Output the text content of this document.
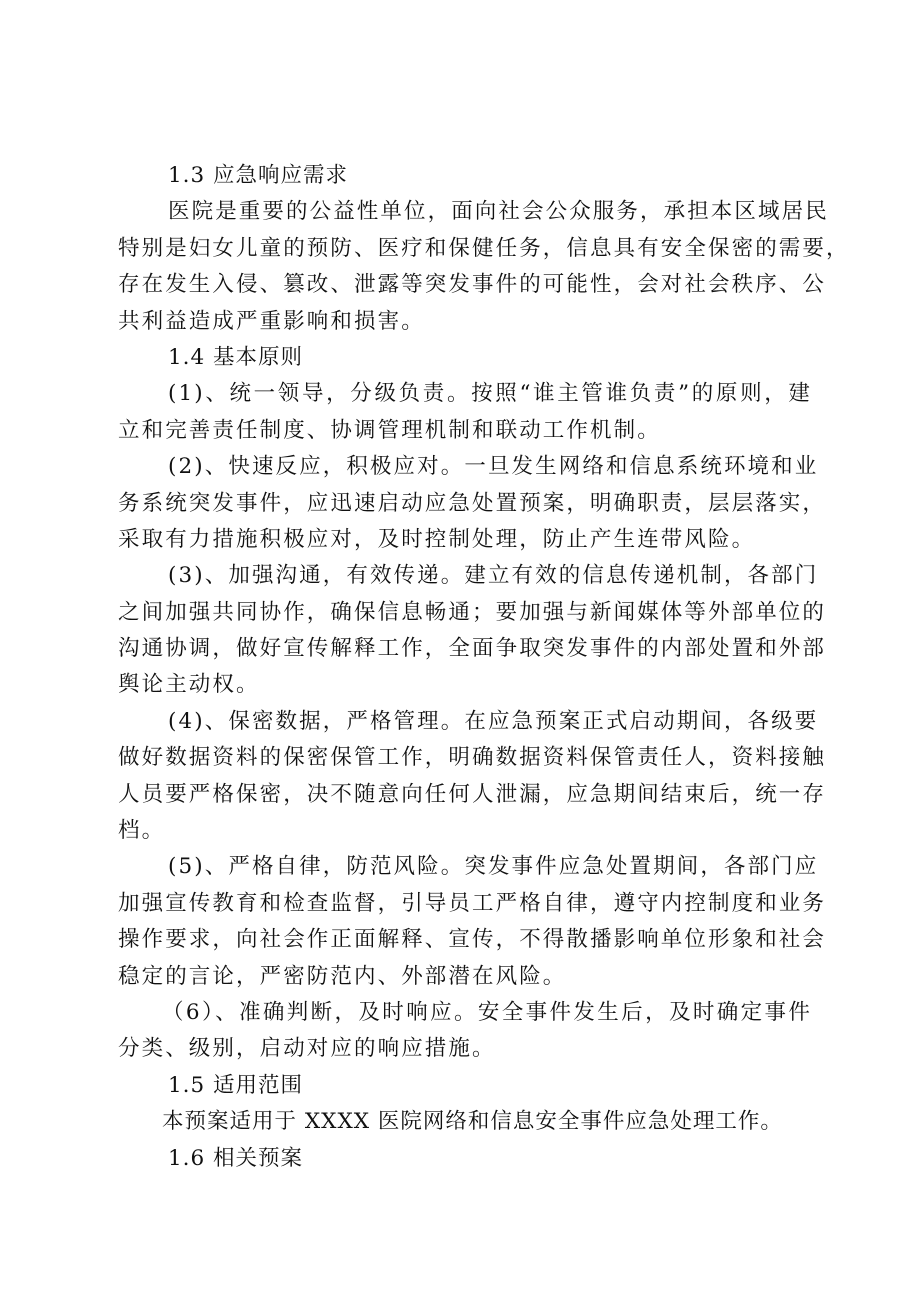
1.3 应急响应需求
医院是重要的公益性单位，面向社会公众服务，承担本区域居民
特别是妇女儿童的预防、医疗和保健任务，信息具有安全保密的需要，
存在发生入侵、篡改、泄露等突发事件的可能性，会对社会秩序、公
共利益造成严重影响和损害。
1.4 基本原则
(1)、统一领导，分级负责。按照“谁主管谁负责”的原则，建
立和完善责任制度、协调管理机制和联动工作机制。
(2)、快速反应，积极应对。一旦发生网络和信息系统环境和业
务系统突发事件，应迅速启动应急处置预案，明确职责，层层落实，
采取有力措施积极应对，及时控制处理，防止产生连带风险。
(3)、加强沟通，有效传递。建立有效的信息传递机制，各部门
之间加强共同协作，确保信息畅通；要加强与新闻媒体等外部单位的
沟通协调，做好宣传解释工作，全面争取突发事件的内部处置和外部
舆论主动权。
(4)、保密数据，严格管理。在应急预案正式启动期间，各级要
做好数据资料的保密保管工作，明确数据资料保管责任人，资料接触
人员要严格保密，决不随意向任何人泄漏，应急期间结束后，统一存
档。
(5)、严格自律，防范风险。突发事件应急处置期间，各部门应
加强宣传教育和检查监督，引导员工严格自律，遵守内控制度和业务
操作要求，向社会作正面解释、宣传，不得散播影响单位形象和社会
稳定的言论，严密防范内、外部潜在风险。
（6）、准确判断，及时响应。安全事件发生后，及时确定事件
分类、级别，启动对应的响应措施。
1.5 适用范围
本预案适用于 XXXX 医院网络和信息安全事件应急处理工作。
1.6 相关预案
